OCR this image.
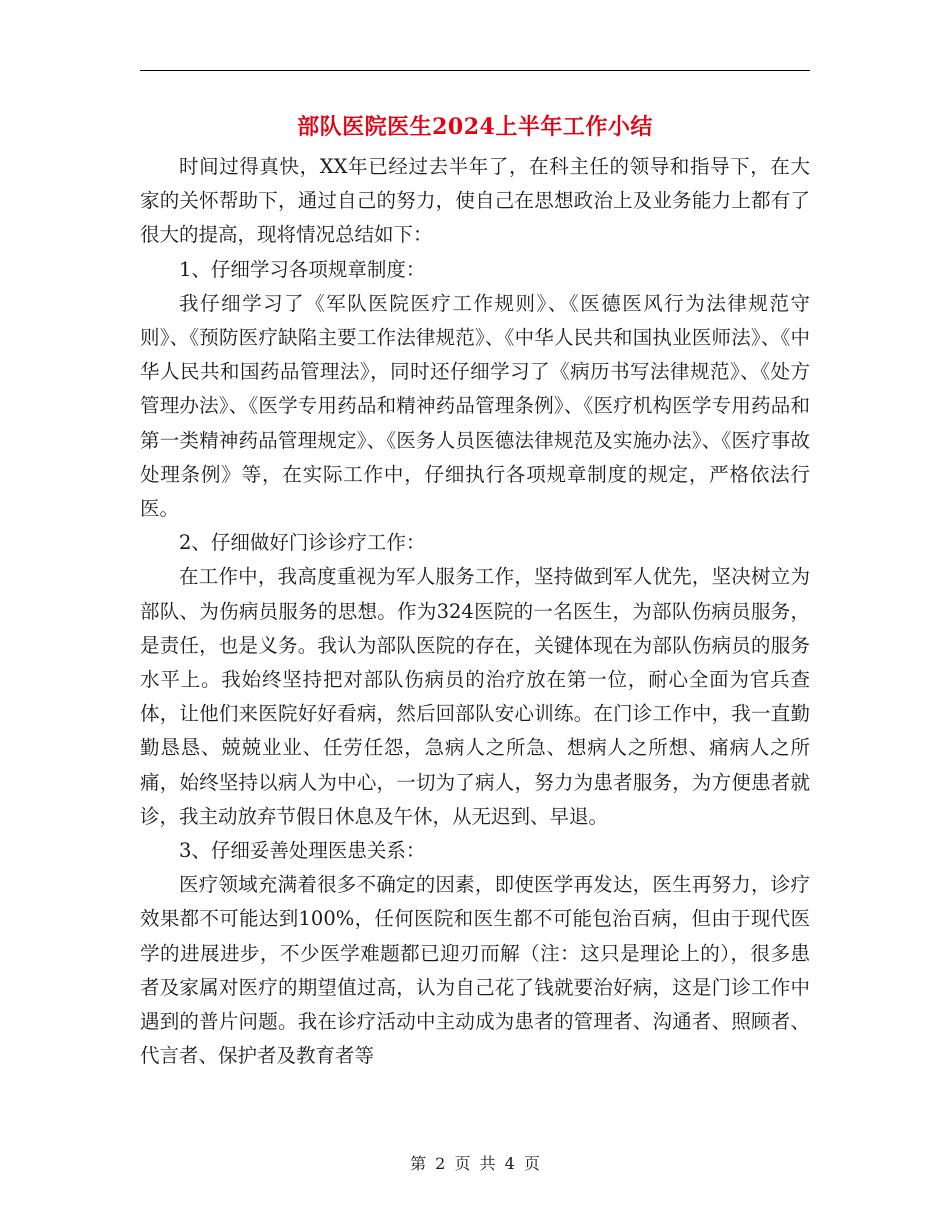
部队医院医生2024上半年工作小结

时间过得真快，XX年已经过去半年了，在科主任的领导和指导下，在大家的关怀帮助下，通过自己的努力，使自己在思想政治上及业务能力上都有了很大的提高，现将情况总结如下：

1、仔细学习各项规章制度：

我仔细学习了《军队医院医疗工作规则》、《医德医风行为法律规范守则》、《预防医疗缺陷主要工作法律规范》、《中华人民共和国执业医师法》、《中华人民共和国药品管理法》，同时还仔细学习了《病历书写法律规范》、《处方管理办法》、《医学专用药品和精神药品管理条例》、《医疗机构医学专用药品和第一类精神药品管理规定》、《医务人员医德法律规范及实施办法》、《医疗事故处理条例》等，在实际工作中，仔细执行各项规章制度的规定，严格依法行医。

2、仔细做好门诊诊疗工作：

在工作中，我高度重视为军人服务工作，坚持做到军人优先，坚决树立为部队、为伤病员服务的思想。作为324医院的一名医生，为部队伤病员服务，是责任，也是义务。我认为部队医院的存在，关键体现在为部队伤病员的服务水平上。我始终坚持把对部队伤病员的治疗放在第一位，耐心全面为官兵查体，让他们来医院好好看病，然后回部队安心训练。在门诊工作中，我一直勤勤恳恳、兢兢业业、任劳任怨，急病人之所急、想病人之所想、痛病人之所痛，始终坚持以病人为中心，一切为了病人，努力为患者服务，为方便患者就诊，我主动放弃节假日休息及午休，从无迟到、早退。

3、仔细妥善处理医患关系：

医疗领域充满着很多不确定的因素，即使医学再发达，医生再努力，诊疗效果都不可能达到100%，任何医院和医生都不可能包治百病，但由于现代医学的进展进步，不少医学难题都已迎刃而解（注：这只是理论上的），很多患者及家属对医疗的期望值过高，认为自己花了钱就要治好病，这是门诊工作中遇到的普片问题。我在诊疗活动中主动成为患者的管理者、沟通者、照顾者、代言者、保护者及教育者等

第 2 页 共 4 页
